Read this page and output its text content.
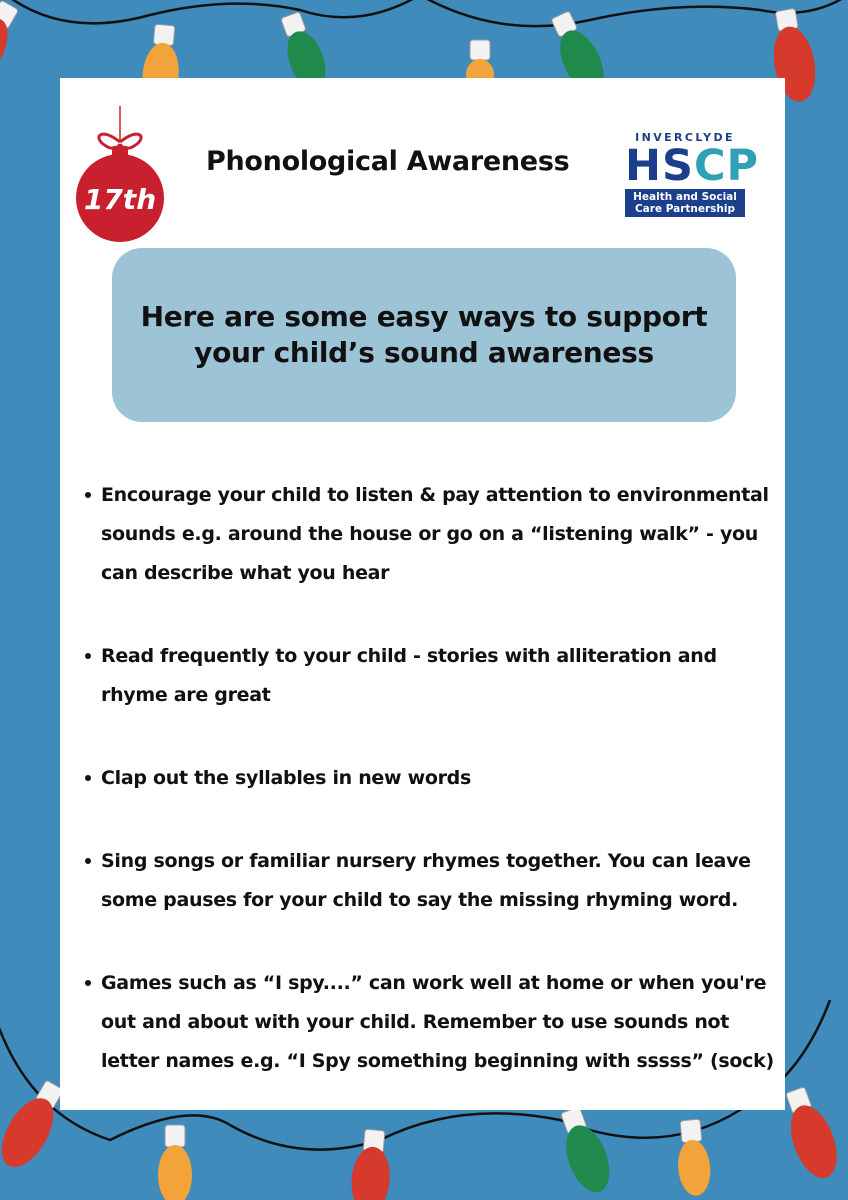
17th
Phonological Awareness
INVERCLYDE
HSCP
Health and Social
Care Partnership

Here are some easy ways to support your child’s sound awareness

Encourage your child to listen & pay attention to environmental sounds e.g. around the house or go on a “listening walk” - you can describe what you hear
Read frequently to your child - stories with alliteration and rhyme are great
Clap out the syllables in new words
Sing songs or familiar nursery rhymes together. You can leave some pauses for your child to say the missing rhyming word.
Games such as “I spy....” can work well at home or when you're out and about with your child. Remember to use sounds not letter names e.g. “I Spy something beginning with sssss” (sock)
